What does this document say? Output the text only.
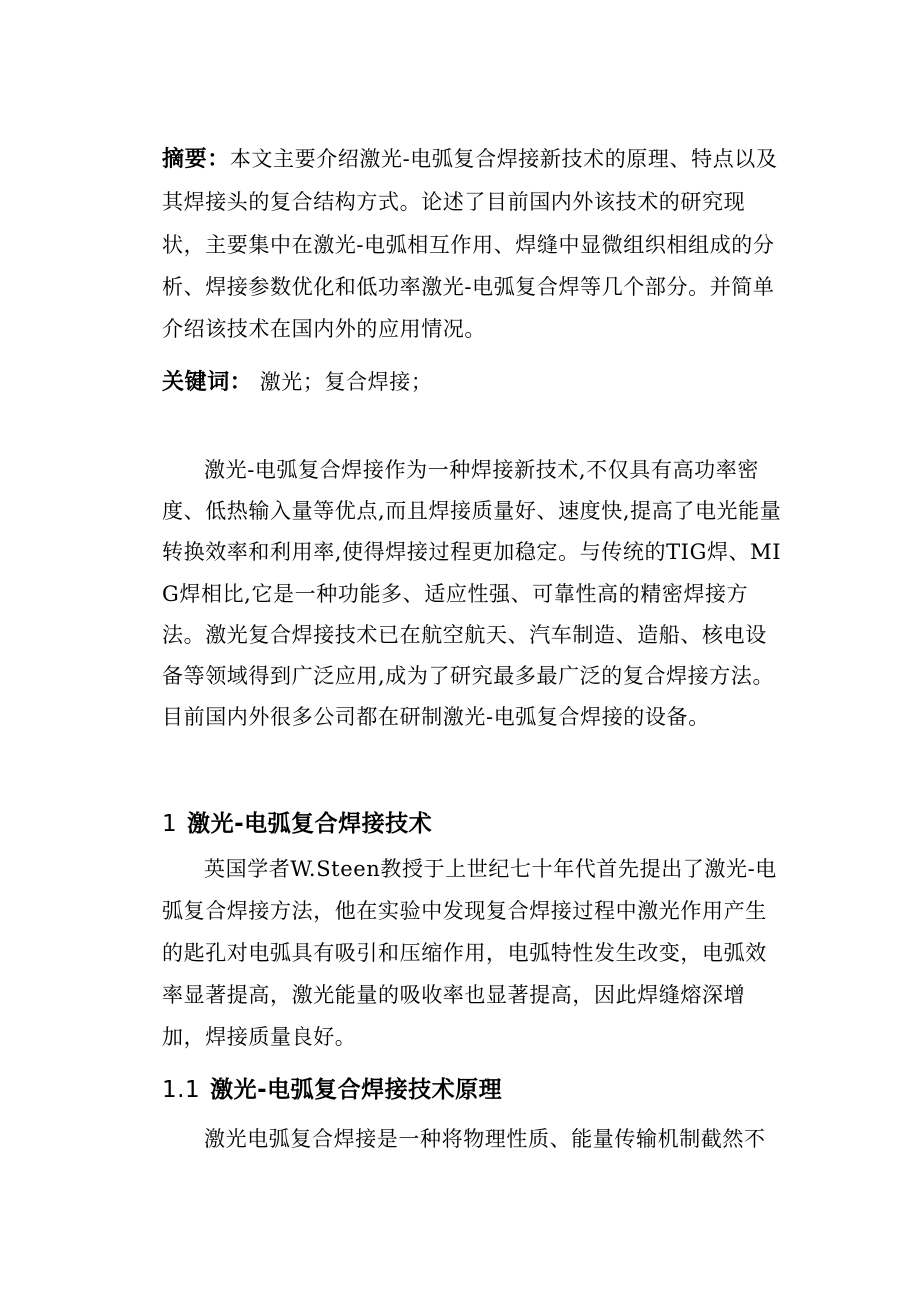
摘要：本文主要介绍激光-电弧复合焊接新技术的原理、特点以及其焊接头的复合结构方式。论述了目前国内外该技术的研究现状，主要集中在激光-电弧相互作用、焊缝中显微组织相组成的分析、焊接参数优化和低功率激光-电弧复合焊等几个部分。并简单介绍该技术在国内外的应用情况。

关键词： 激光；复合焊接；

激光-电弧复合焊接作为一种焊接新技术,不仅具有高功率密度、低热输入量等优点,而且焊接质量好、速度快,提高了电光能量转换效率和利用率,使得焊接过程更加稳定。与传统的TIG焊、MIG焊相比,它是一种功能多、适应性强、可靠性高的精密焊接方法。激光复合焊接技术已在航空航天、汽车制造、造船、核电设备等领域得到广泛应用,成为了研究最多最广泛的复合焊接方法。目前国内外很多公司都在研制激光-电弧复合焊接的设备。

1 激光-电弧复合焊接技术

英国学者W.Steen教授于上世纪七十年代首先提出了激光-电弧复合焊接方法，他在实验中发现复合焊接过程中激光作用产生的匙孔对电弧具有吸引和压缩作用，电弧特性发生改变，电弧效率显著提高，激光能量的吸收率也显著提高，因此焊缝熔深增加，焊接质量良好。

1.1 激光-电弧复合焊接技术原理

激光电弧复合焊接是一种将物理性质、能量传输机制截然不
